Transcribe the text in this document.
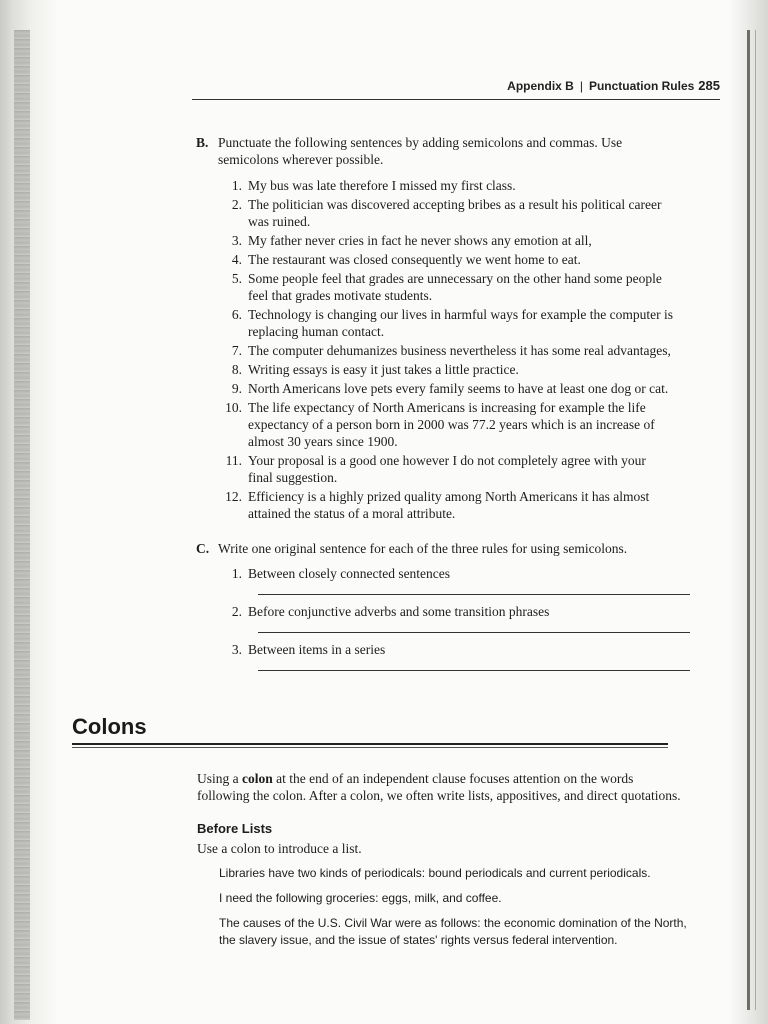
Appendix B | Punctuation Rules 285
B. Punctuate the following sentences by adding semicolons and commas. Use semicolons wherever possible.
1. My bus was late therefore I missed my first class.
2. The politician was discovered accepting bribes as a result his political career was ruined.
3. My father never cries in fact he never shows any emotion at all,
4. The restaurant was closed consequently we went home to eat.
5. Some people feel that grades are unnecessary on the other hand some people feel that grades motivate students.
6. Technology is changing our lives in harmful ways for example the computer is replacing human contact.
7. The computer dehumanizes business nevertheless it has some real advantages,
8. Writing essays is easy it just takes a little practice.
9. North Americans love pets every family seems to have at least one dog or cat.
10. The life expectancy of North Americans is increasing for example the life expectancy of a person born in 2000 was 77.2 years which is an increase of almost 30 years since 1900.
11. Your proposal is a good one however I do not completely agree with your final suggestion.
12. Efficiency is a highly prized quality among North Americans it has almost attained the status of a moral attribute.
C. Write one original sentence for each of the three rules for using semicolons.
1. Between closely connected sentences
2. Before conjunctive adverbs and some transition phrases
3. Between items in a series
Colons
Using a colon at the end of an independent clause focuses attention on the words following the colon. After a colon, we often write lists, appositives, and direct quotations.
Before Lists
Use a colon to introduce a list.

Libraries have two kinds of periodicals: bound periodicals and current periodicals.

I need the following groceries: eggs, milk, and coffee.

The causes of the U.S. Civil War were as follows: the economic domination of the North, the slavery issue, and the issue of states' rights versus federal intervention.
